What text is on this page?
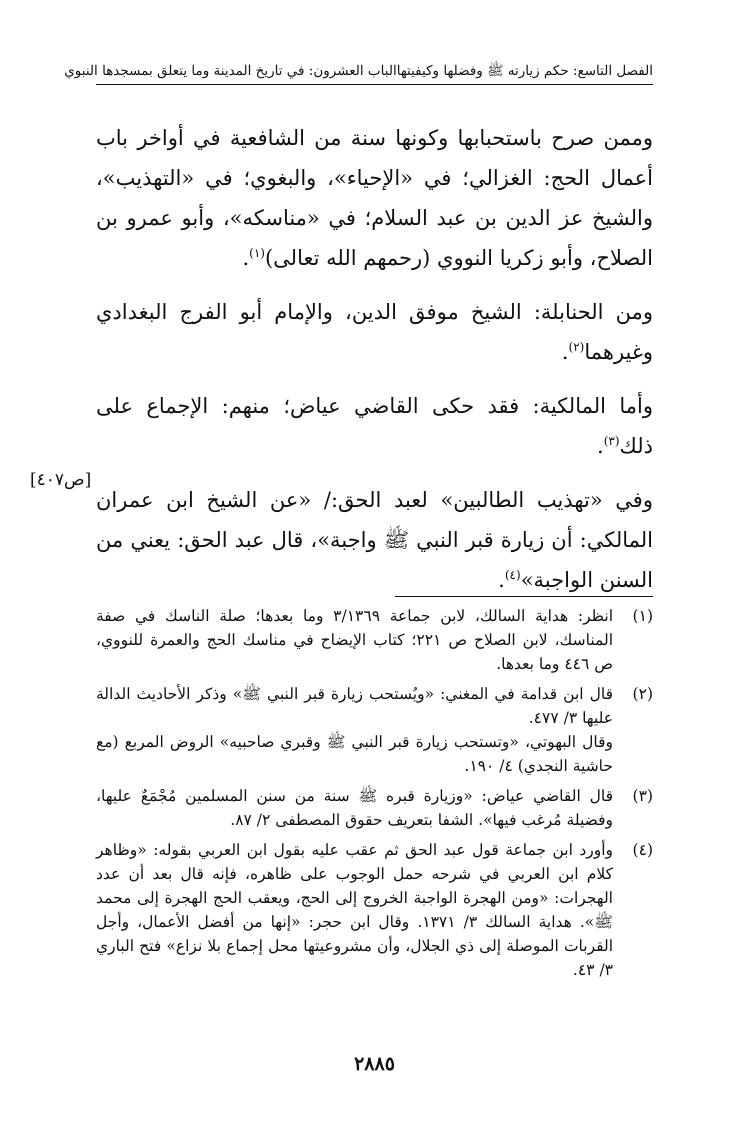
الفصل التاسع: حكم زيارته ﷺ وفضلها وكيفيتها
الباب العشرون: في تاريخ المدينة وما يتعلق بمسجدها النبوي
[ص٤٠٧]

وممن صرح باستحبابها وكونها سنة من الشافعية في أواخر باب أعمال الحج: الغزالي؛ في «الإحياء»، والبغوي؛ في «التهذيب»، والشيخ عز الدين بن عبد السلام؛ في «مناسكه»، وأبو عمرو بن الصلاح، وأبو زكريا النووي (رحمهم الله تعالى)$^{(١)}$.

ومن الحنابلة: الشيخ موفق الدين، والإمام أبو الفرج البغدادي وغيرهما$^{(٢)}$.

وأما المالكية: فقد حكى القاضي عياض؛ منهم: الإجماع على ذلك$^{(٣)}$.

وفي «تهذيب الطالبين» لعبد الحق:/ «عن الشيخ ابن عمران المالكي: أن زيارة قبر النبي ﷺ واجبة»، قال عبد الحق: يعني من السنن الواجبة»$^{(٤)}$.

(١)

انظر: هداية السالك، لابن جماعة ٣/١٣٦٩ وما بعدها؛ صلة الناسك في صفة المناسك، لابن الصلاح ص ٢٢١؛ كتاب الإيضاح في مناسك الحج والعمرة للنووي، ص ٤٤٦ وما بعدها.

(٢)

قال ابن قدامة في المغني: «ويُستحب زيارة قبر النبي ﷺ» وذكر الأحاديث الدالة عليها ٣/ ٤٧٧.

وقال البهوتي، «وتستحب زيارة قبر النبي ﷺ وقبري صاحبيه» الروض المربع (مع حاشية النجدي) ٤/ ١٩٠.

(٣)

قال القاضي عياض: «وزيارة قبره ﷺ سنة من سنن المسلمين مُجْمَعٌ عليها، وفضيلة مُرغب فيها». الشفا بتعريف حقوق المصطفى ٢/ ٨٧.

(٤)

وأورد ابن جماعة قول عبد الحق ثم عقب عليه بقول ابن العربي بقوله: «وظاهر كلام ابن العربي في شرحه حمل الوجوب على ظاهره، فإنه قال بعد أن عدد الهجرات: «ومن الهجرة الواجبة الخروج إلى الحج، ويعقب الحج الهجرة إلى محمد ﷺ». هداية السالك ٣/ ١٣٧١. وقال ابن حجر: «إنها من أفضل الأعمال، وأجل القربات الموصلة إلى ذي الجلال، وأن مشروعيتها محل إجماع بلا نزاع» فتح الباري ٣/ ٤٣.

٢٨٨٥
